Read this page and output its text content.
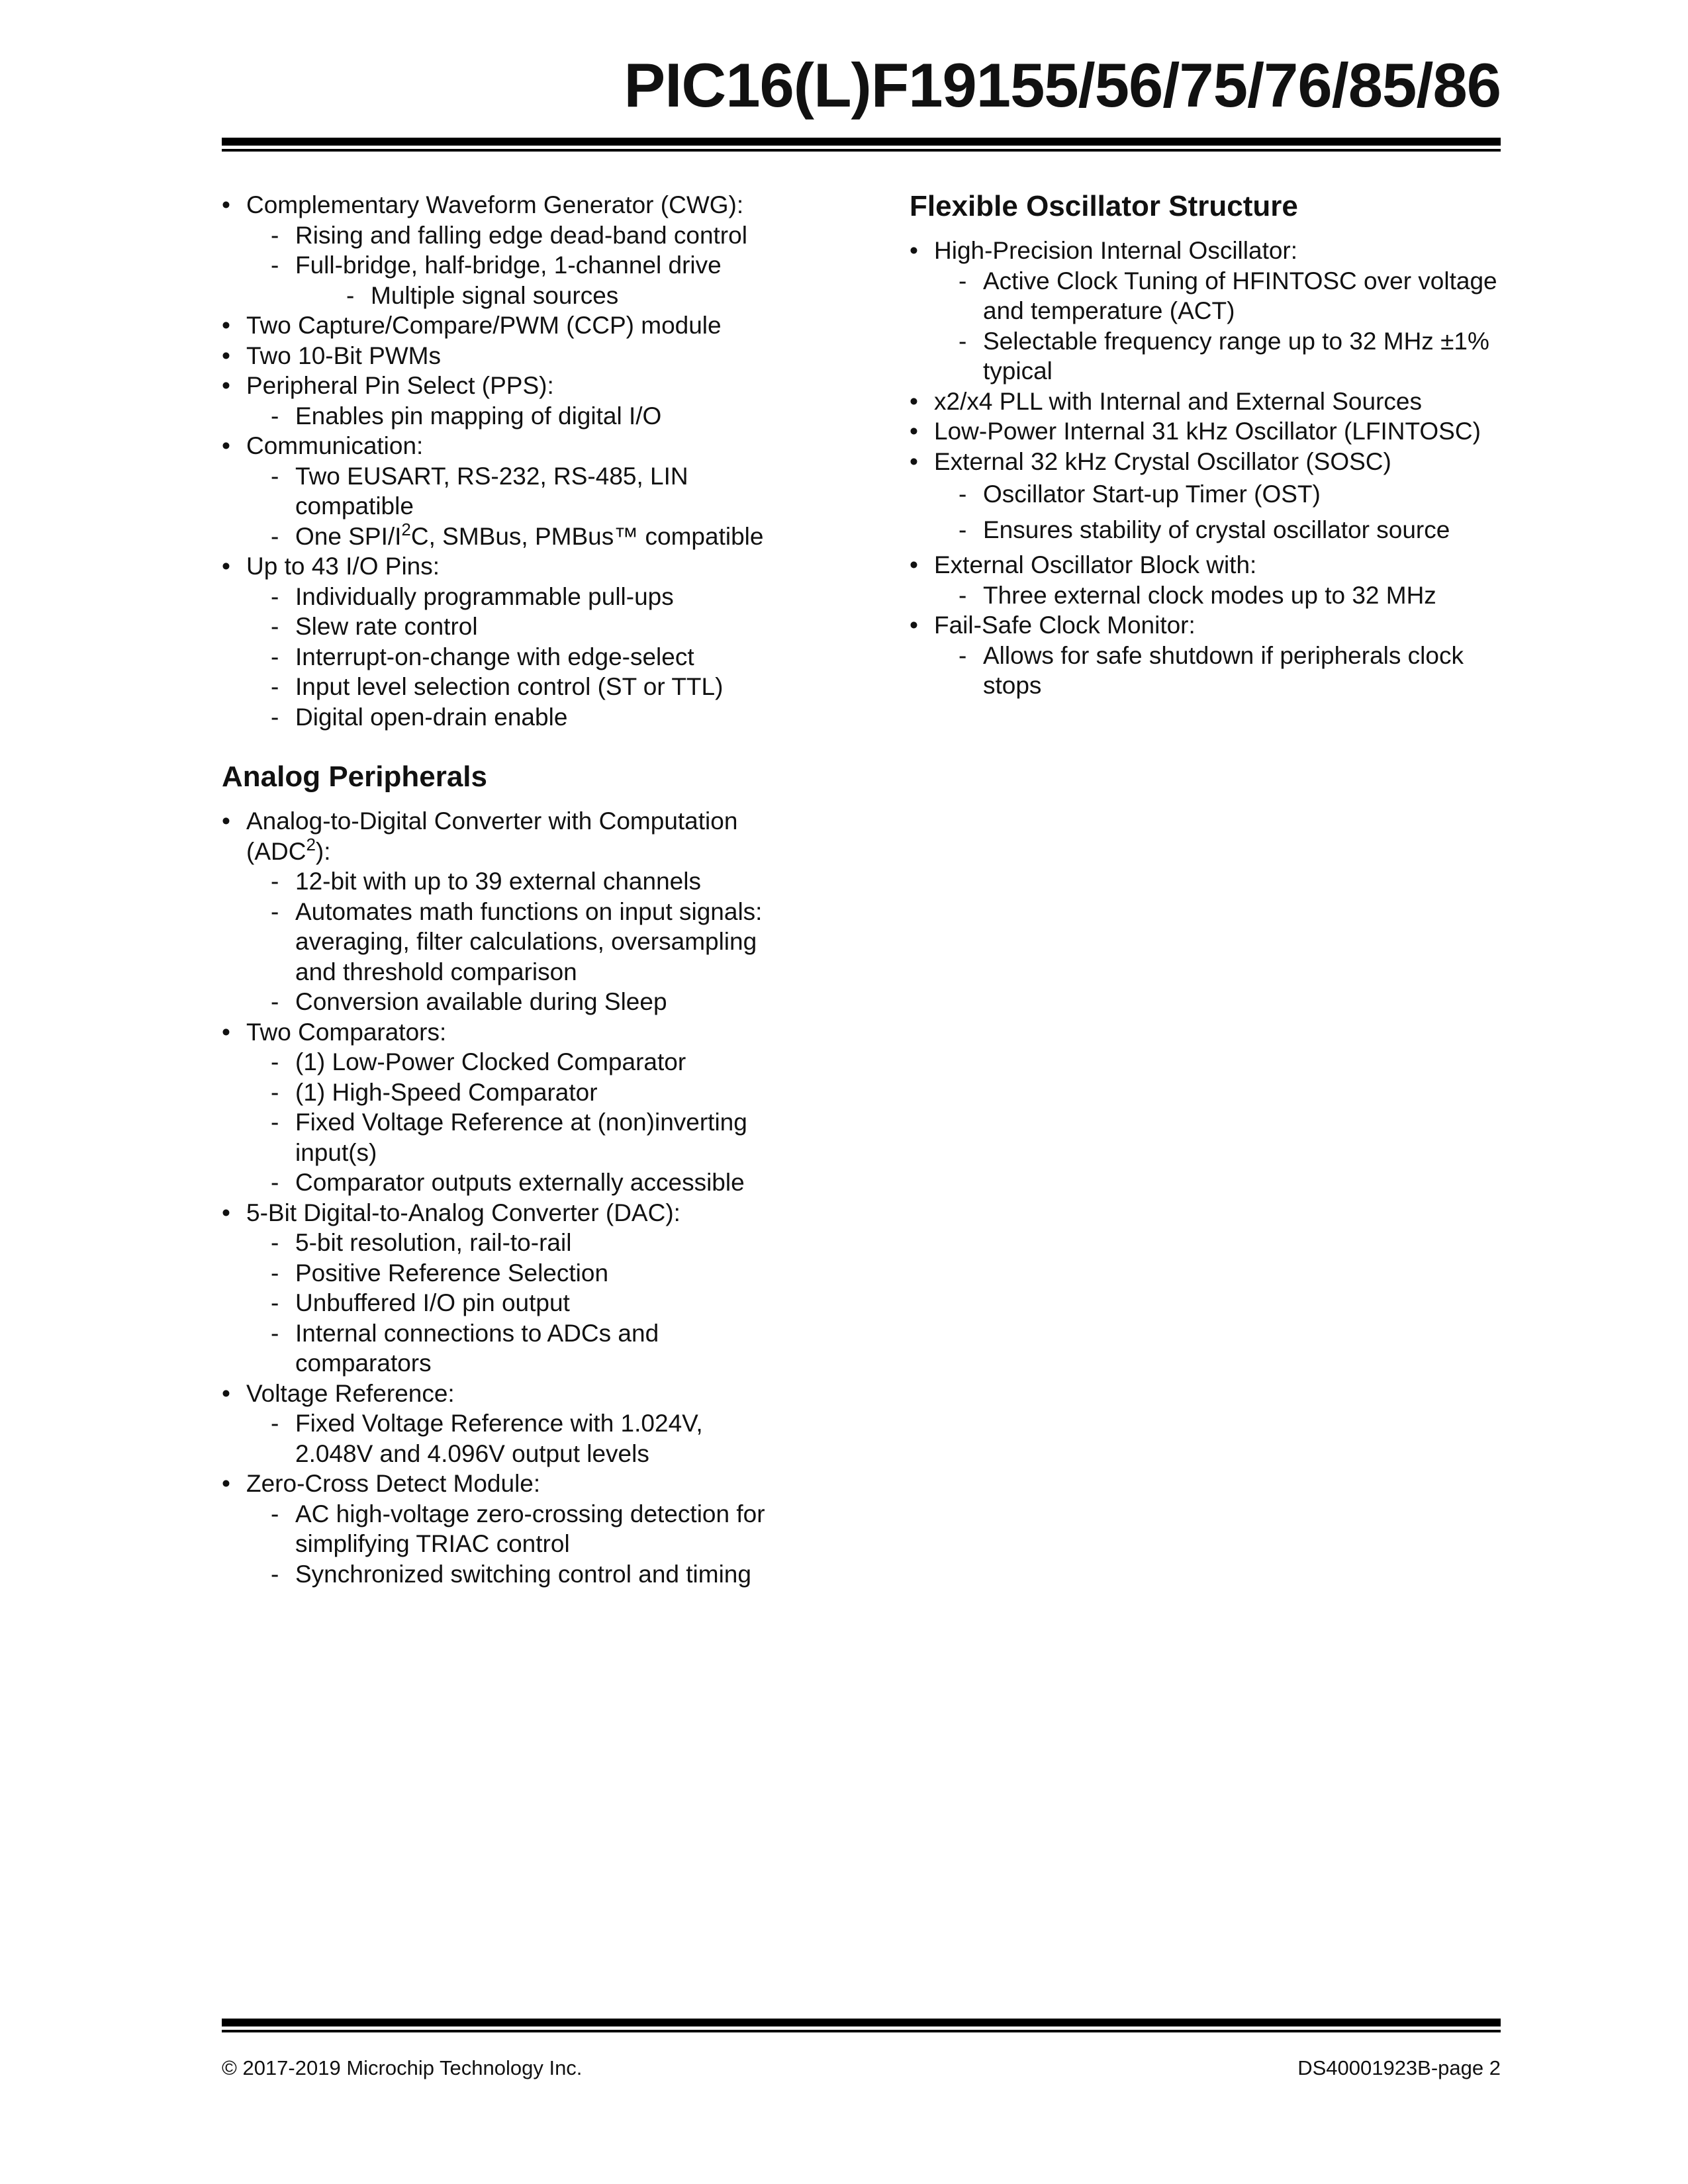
PIC16(L)F19155/56/75/76/85/86
• Complementary Waveform Generator (CWG):
- Rising and falling edge dead-band control
- Full-bridge, half-bridge, 1-channel drive
- Multiple signal sources
• Two Capture/Compare/PWM (CCP) module
• Two 10-Bit PWMs
• Peripheral Pin Select (PPS):
- Enables pin mapping of digital I/O
• Communication:
- Two EUSART, RS-232, RS-485, LIN compatible
- One SPI/$I^2C$, SMBus, PMBus™ compatible
• Up to 43 I/O Pins:
- Individually programmable pull-ups
- Slew rate control
- Interrupt-on-change with edge-select
- Input level selection control (ST or TTL)
- Digital open-drain enable
Analog Peripherals
• Analog-to-Digital Converter with Computation (ADC$^2$):
- 12-bit with up to 39 external channels
- Automates math functions on input signals: averaging, filter calculations, oversampling and threshold comparison
- Conversion available during Sleep
• Two Comparators:
- (1) Low-Power Clocked Comparator
- (1) High-Speed Comparator
- Fixed Voltage Reference at (non)inverting input(s)
- Comparator outputs externally accessible
• 5-Bit Digital-to-Analog Converter (DAC):
- 5-bit resolution, rail-to-rail
- Positive Reference Selection
- Unbuffered I/O pin output
- Internal connections to ADCs and comparators
• Voltage Reference:
- Fixed Voltage Reference with 1.024V, 2.048V and 4.096V output levels
• Zero-Cross Detect Module:
- AC high-voltage zero-crossing detection for simplifying TRIAC control
- Synchronized switching control and timing
Flexible Oscillator Structure
• High-Precision Internal Oscillator:
- Active Clock Tuning of HFINTOSC over voltage and temperature (ACT)
- Selectable frequency range up to 32 MHz ±1% typical
• x2/x4 PLL with Internal and External Sources
• Low-Power Internal 31 kHz Oscillator (LFINTOSC)
• External 32 kHz Crystal Oscillator (SOSC)
- Oscillator Start-up Timer (OST)
- Ensures stability of crystal oscillator source
• External Oscillator Block with:
- Three external clock modes up to 32 MHz
• Fail-Safe Clock Monitor:
- Allows for safe shutdown if peripherals clock stops
© 2017-2019 Microchip Technology Inc.	DS40001923B-page 2
